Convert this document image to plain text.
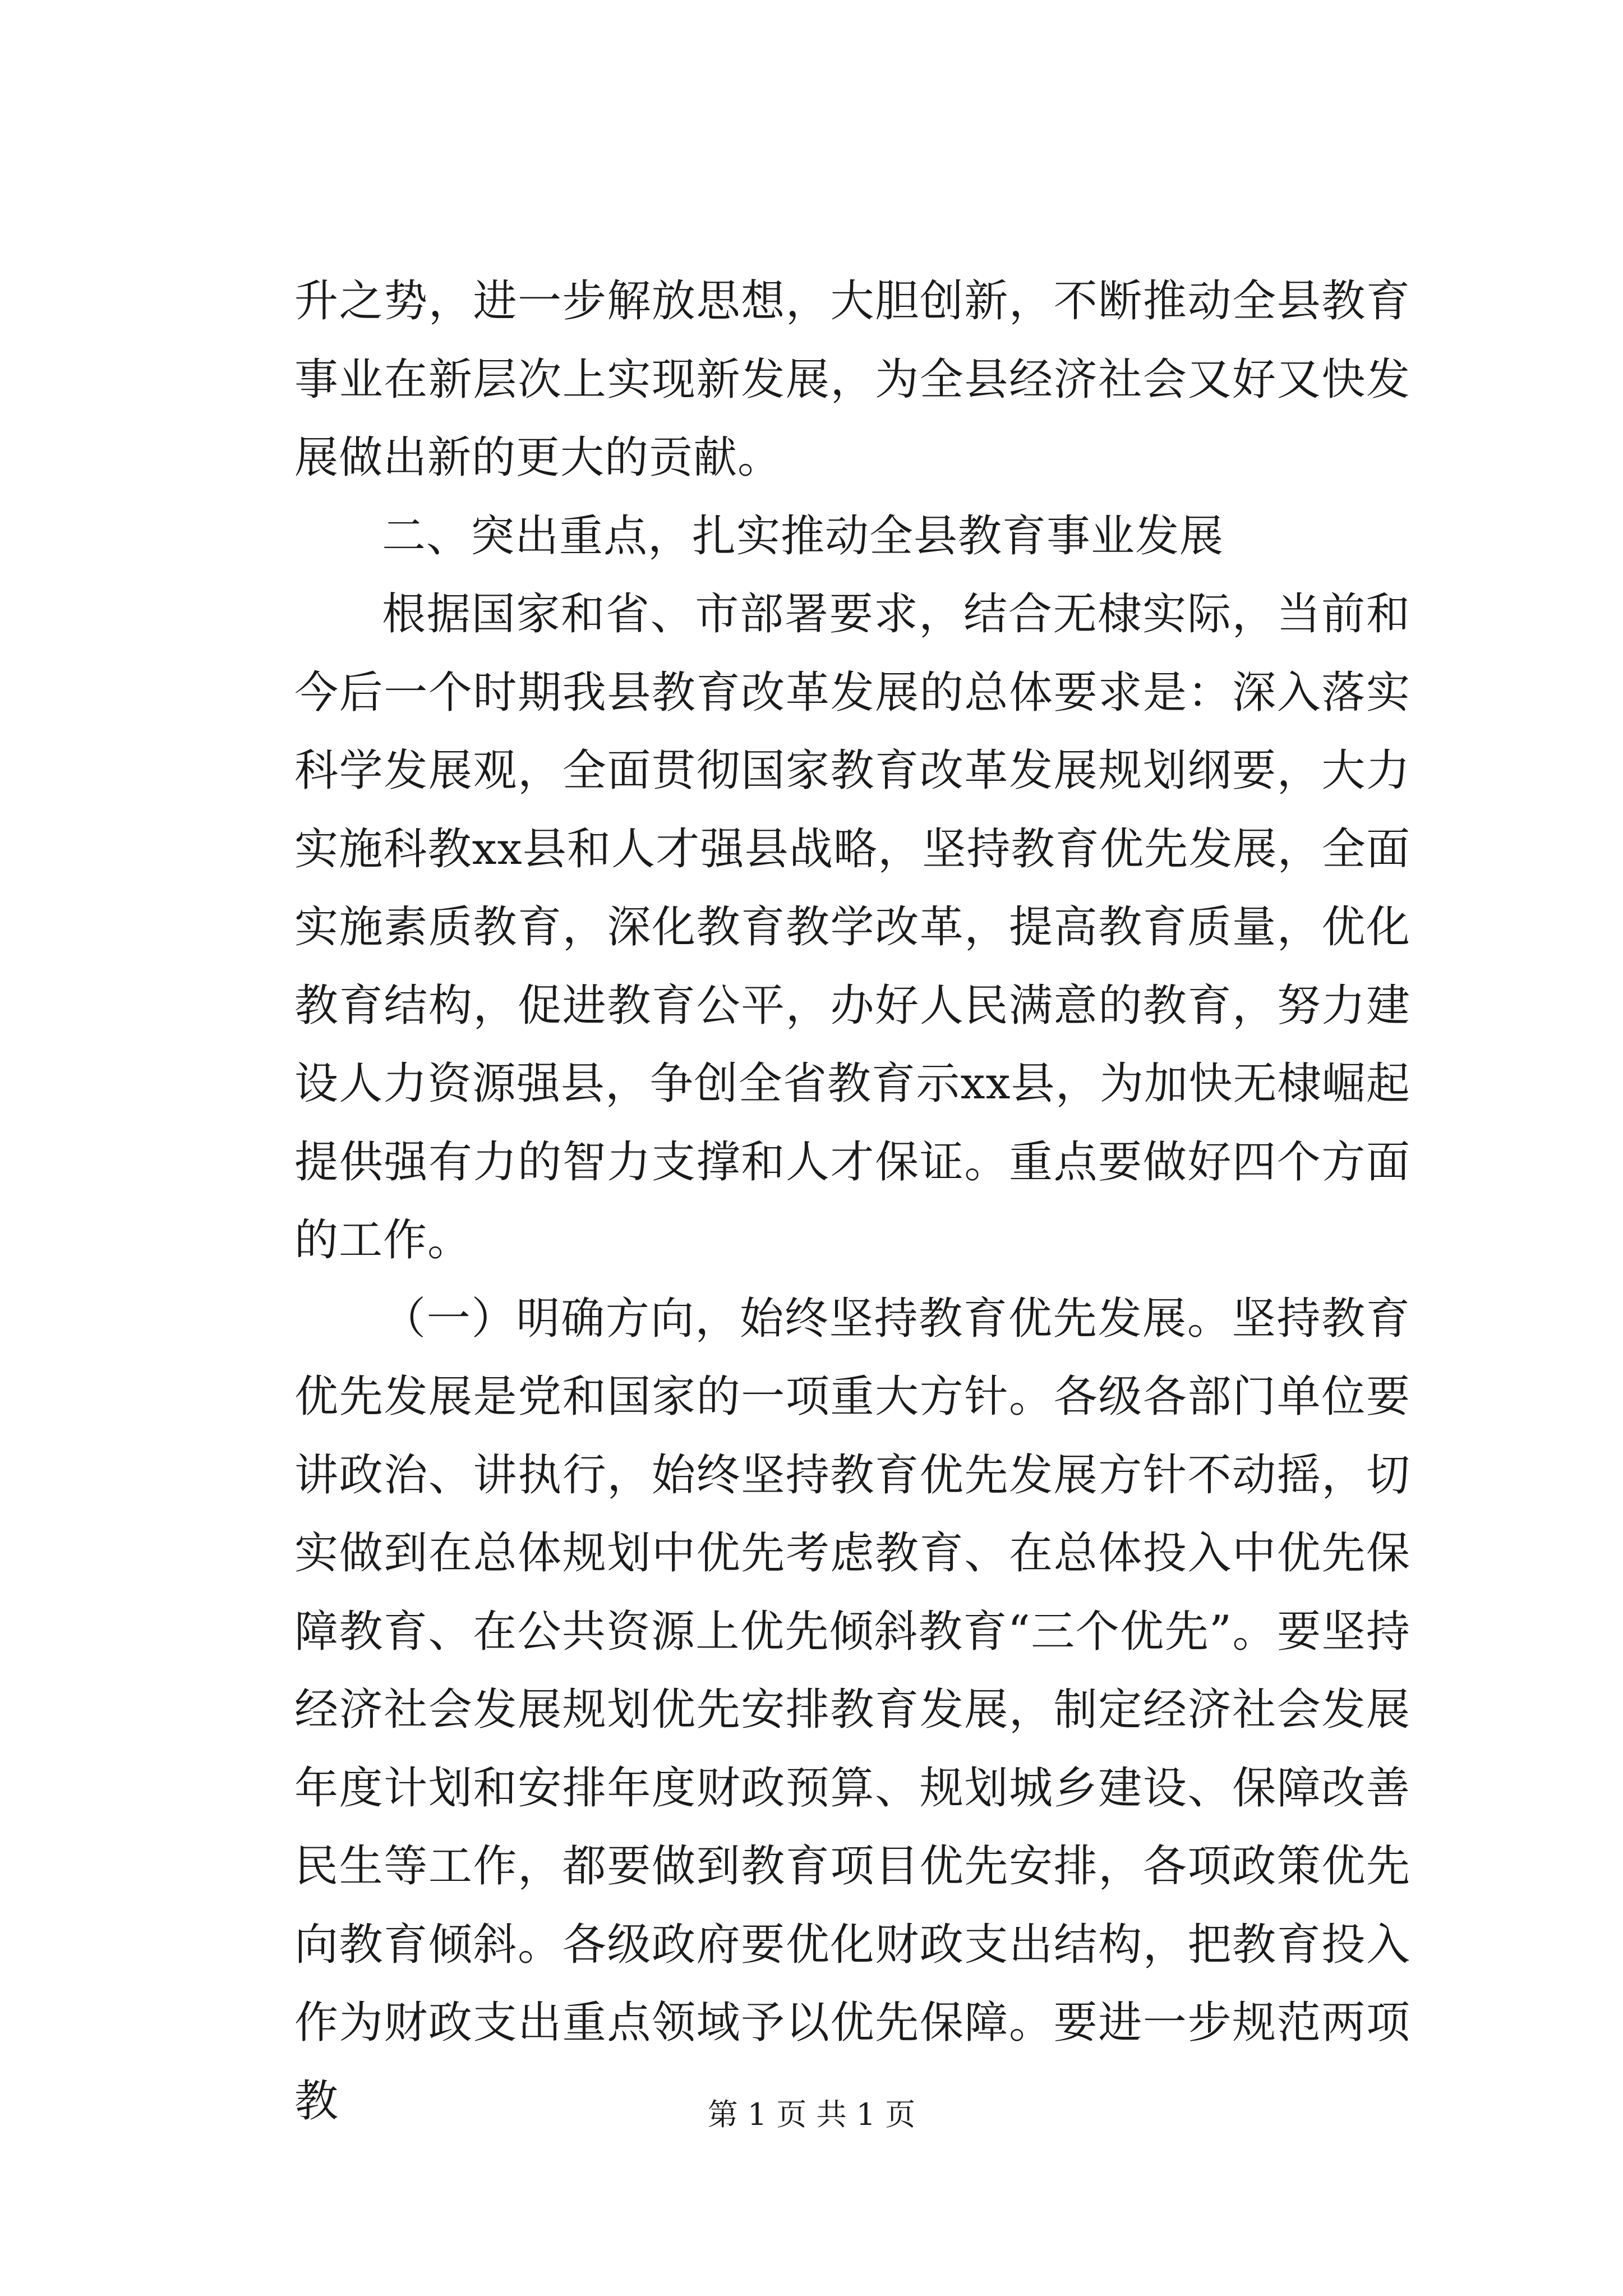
升之势，进一步解放思想，大胆创新，不断推动全县教育事业在新层次上实现新发展，为全县经济社会又好又快发展做出新的更大的贡献。

二、突出重点，扎实推动全县教育事业发展

根据国家和省、市部署要求，结合无棣实际，当前和今后一个时期我县教育改革发展的总体要求是：深入落实科学发展观，全面贯彻国家教育改革发展规划纲要，大力实施科教xx县和人才强县战略，坚持教育优先发展，全面实施素质教育，深化教育教学改革，提高教育质量，优化教育结构，促进教育公平，办好人民满意的教育，努力建设人力资源强县，争创全省教育示xx县，为加快无棣崛起提供强有力的智力支撑和人才保证。重点要做好四个方面的工作。

（一）明确方向，始终坚持教育优先发展。坚持教育优先发展是党和国家的一项重大方针。各级各部门单位要讲政治、讲执行，始终坚持教育优先发展方针不动摇，切实做到在总体规划中优先考虑教育、在总体投入中优先保障教育、在公共资源上优先倾斜教育“三个优先”。要坚持经济社会发展规划优先安排教育发展，制定经济社会发展年度计划和安排年度财政预算、规划城乡建设、保障改善民生等工作，都要做到教育项目优先安排，各项政策优先向教育倾斜。各级政府要优化财政支出结构，把教育投入作为财政支出重点领域予以优先保障。要进一步规范两项教	第 1 页 共 1 页
